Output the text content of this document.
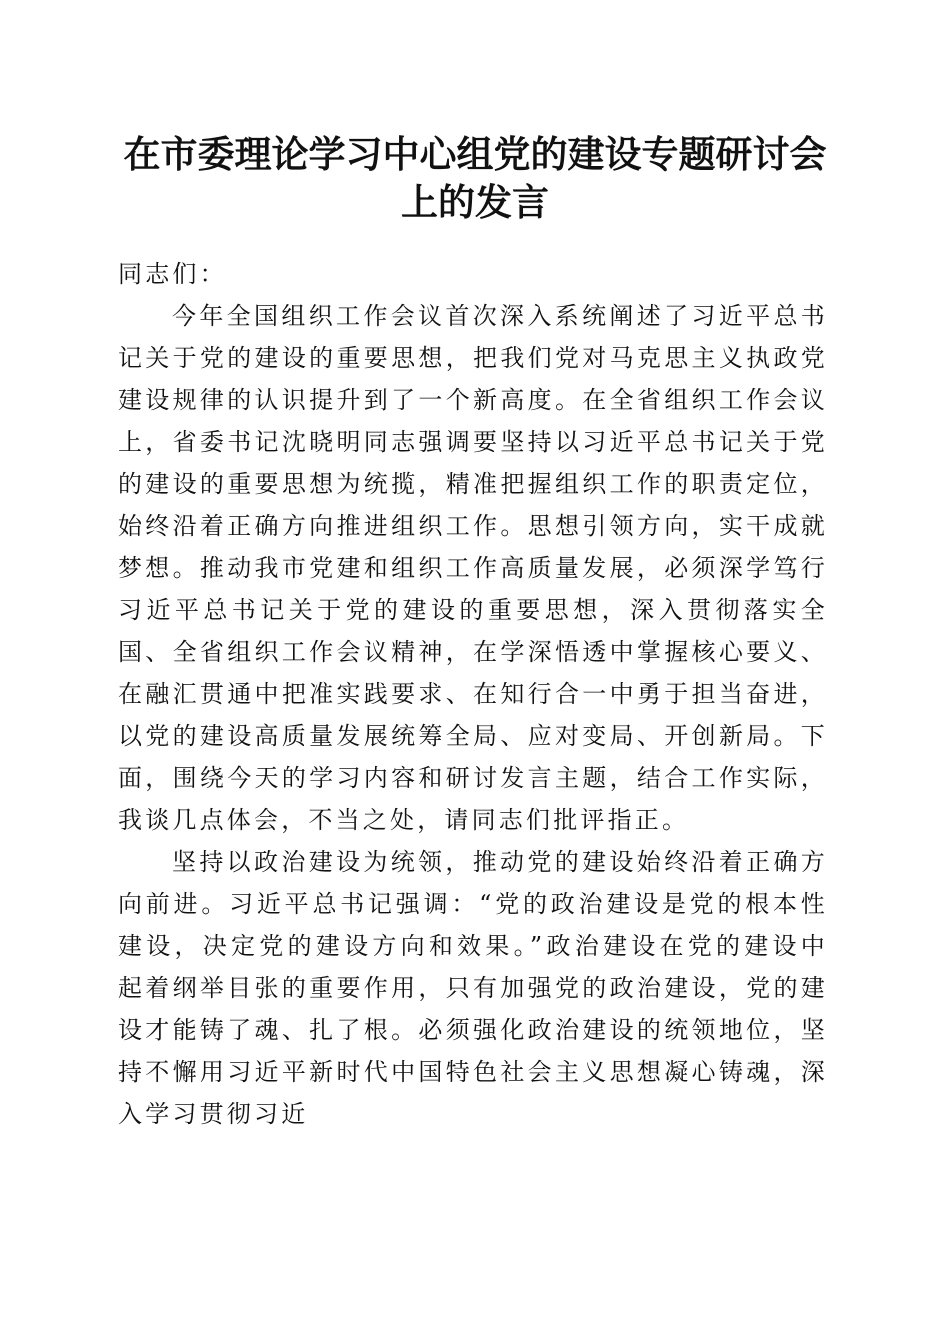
在市委理论学习中心组党的建设专题研讨会上的发言

同志们：

今年全国组织工作会议首次深入系统阐述了习近平总书记关于党的建设的重要思想，把我们党对马克思主义执政党建设规律的认识提升到了一个新高度。在全省组织工作会议上，省委书记沈晓明同志强调要坚持以习近平总书记关于党的建设的重要思想为统揽，精准把握组织工作的职责定位，始终沿着正确方向推进组织工作。思想引领方向，实干成就梦想。推动我市党建和组织工作高质量发展，必须深学笃行习近平总书记关于党的建设的重要思想，深入贯彻落实全国、全省组织工作会议精神，在学深悟透中掌握核心要义、在融汇贯通中把准实践要求、在知行合一中勇于担当奋进，以党的建设高质量发展统筹全局、应对变局、开创新局。下面，围绕今天的学习内容和研讨发言主题，结合工作实际，我谈几点体会，不当之处，请同志们批评指正。

坚持以政治建设为统领，推动党的建设始终沿着正确方向前进。习近平总书记强调：“党的政治建设是党的根本性建设，决定党的建设方向和效果。”政治建设在党的建设中起着纲举目张的重要作用，只有加强党的政治建设，党的建设才能铸了魂、扎了根。必须强化政治建设的统领地位，坚持不懈用习近平新时代中国特色社会主义思想凝心铸魂，深入学习贯彻习近
